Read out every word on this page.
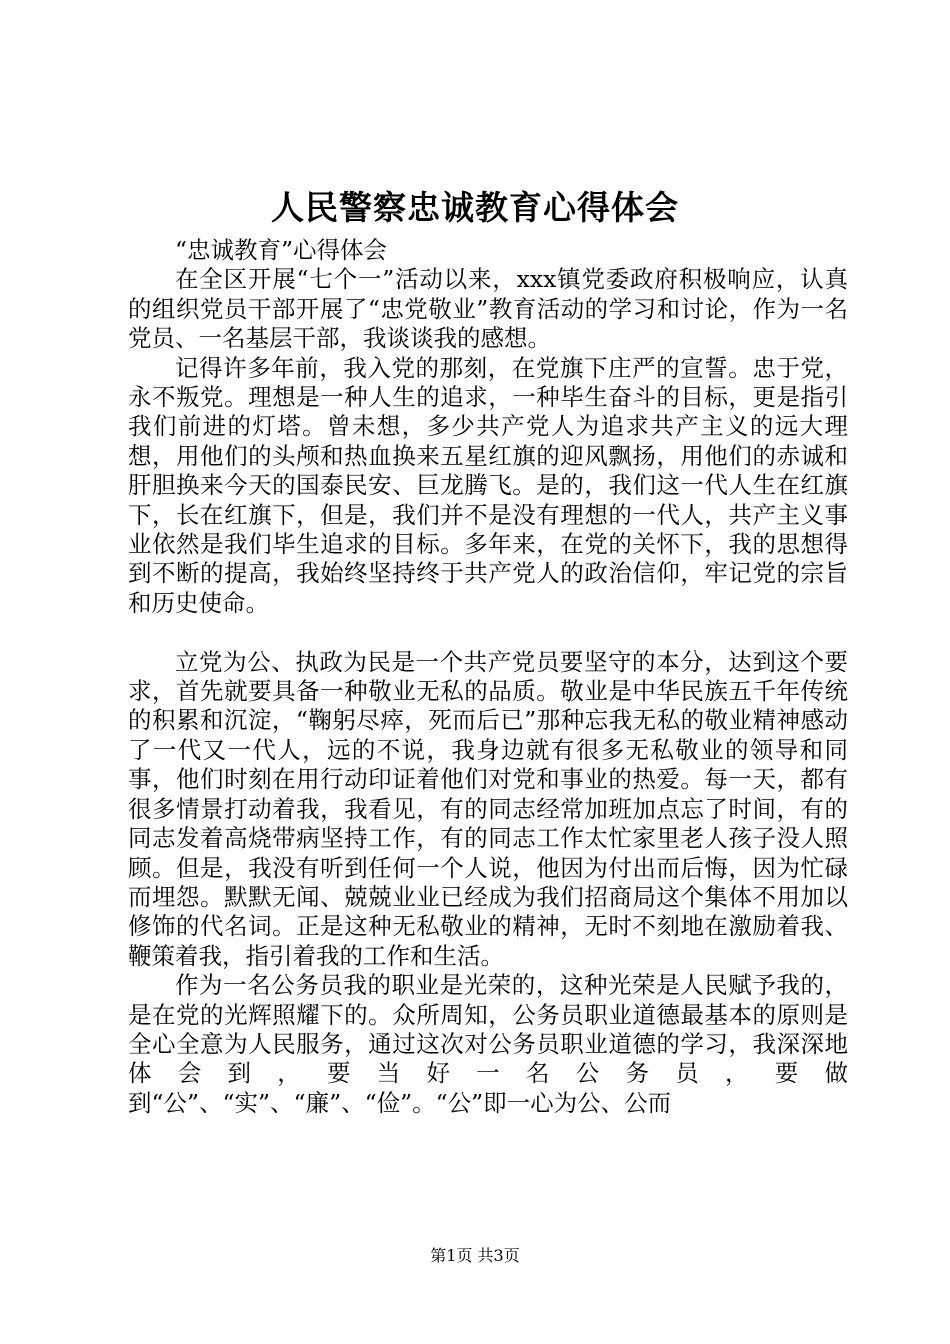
人民警察忠诚教育心得体会

“忠诚教育”心得体会

在全区开展“七个一”活动以来，xxx镇党委政府积极响应，认真的组织党员干部开展了“忠党敬业”教育活动的学习和讨论，作为一名党员、一名基层干部，我谈谈我的感想。

记得许多年前，我入党的那刻，在党旗下庄严的宣誓。忠于党，永不叛党。理想是一种人生的追求，一种毕生奋斗的目标，更是指引我们前进的灯塔。曾未想，多少共产党人为追求共产主义的远大理想，用他们的头颅和热血换来五星红旗的迎风飘扬，用他们的赤诚和肝胆换来今天的国泰民安、巨龙腾飞。是的，我们这一代人生在红旗下，长在红旗下，但是，我们并不是没有理想的一代人，共产主义事业依然是我们毕生追求的目标。多年来，在党的关怀下，我的思想得到不断的提高，我始终坚持终于共产党人的政治信仰，牢记党的宗旨和历史使命。

立党为公、执政为民是一个共产党员要坚守的本分，达到这个要求，首先就要具备一种敬业无私的品质。敬业是中华民族五千年传统的积累和沉淀，“鞠躬尽瘁，死而后已”那种忘我无私的敬业精神感动了一代又一代人，远的不说，我身边就有很多无私敬业的领导和同事，他们时刻在用行动印证着他们对党和事业的热爱。每一天，都有很多情景打动着我，我看见，有的同志经常加班加点忘了时间，有的同志发着高烧带病坚持工作，有的同志工作太忙家里老人孩子没人照顾。但是，我没有听到任何一个人说，他因为付出而后悔，因为忙碌而埋怨。默默无闻、兢兢业业已经成为我们招商局这个集体不用加以修饰的代名词。正是这种无私敬业的精神，无时不刻地在激励着我、鞭策着我，指引着我的工作和生活。

作为一名公务员我的职业是光荣的，这种光荣是人民赋予我的，是在党的光辉照耀下的。众所周知，公务员职业道德最基本的原则是全心全意为人民服务，通过这次对公务员职业道德的学习，我深深地体会到，要当好一名公务员，要做到“公”、“实”、“廉”、“俭”。“公”即一心为公、公而

第1页 共3页
